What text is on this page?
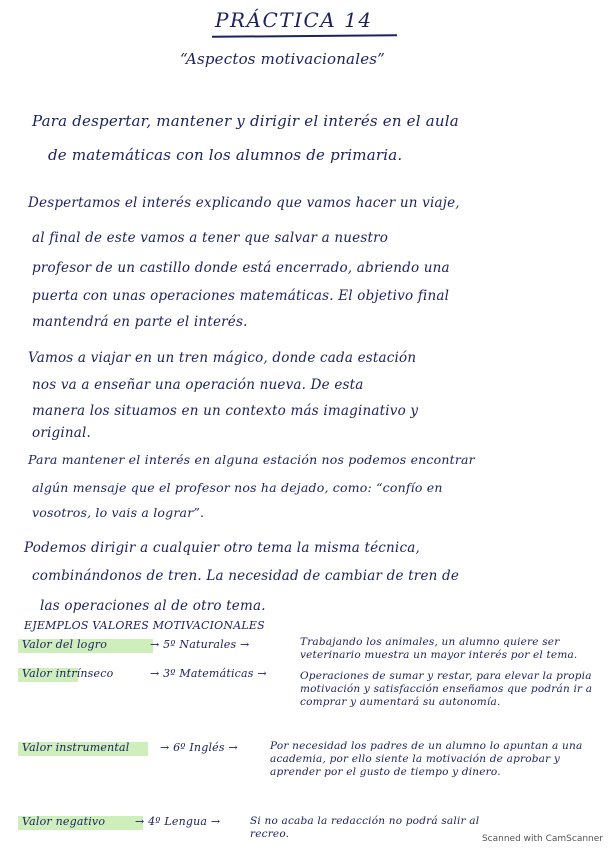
PRÁCTICA 14
“Aspectos motivacionales”
Para despertar, mantener y dirigir el interés en el aula
de matemáticas con los alumnos de primaria.
Despertamos el interés explicando que vamos hacer un viaje,
al final de este vamos a tener que salvar a nuestro
profesor de un castillo donde está encerrado, abriendo una
puerta con unas operaciones matemáticas. El objetivo final
mantendrá en parte el interés.
Vamos a viajar en un tren mágico, donde cada estación
nos va a enseñar una operación nueva. De esta
manera los situamos en un contexto más imaginativo y
original.
Para mantener el interés en alguna estación nos podemos encontrar
algún mensaje que el profesor nos ha dejado, como: “confío en
vosotros, lo vais a lograr”.
Podemos dirigir a cualquier otro tema la misma técnica,
combinándonos de tren. La necesidad de cambiar de tren de
las operaciones al de otro tema.
EJEMPLOS VALORES MOTIVACIONALES
Valor del logro	→ 5º Naturales →	Trabajando los animales, un alumno quiere ser veterinario muestra un mayor interés por el tema.
Valor intrínseco	→ 3º Matemáticas →	Operaciones de sumar y restar, para elevar la propia motivación y satisfacción enseñamos que podrán ir a comprar y aumentará su autonomía.
Valor instrumental	→ 6º Inglés →	Por necesidad los padres de un alumno lo apuntan a una academia, por ello siente la motivación de aprobar y aprender por el gusto de tiempo y dinero.
Valor negativo	→ 4º Lengua →	Si no acaba la redacción no podrá salir al recreo.	Scanned with CamScanner
